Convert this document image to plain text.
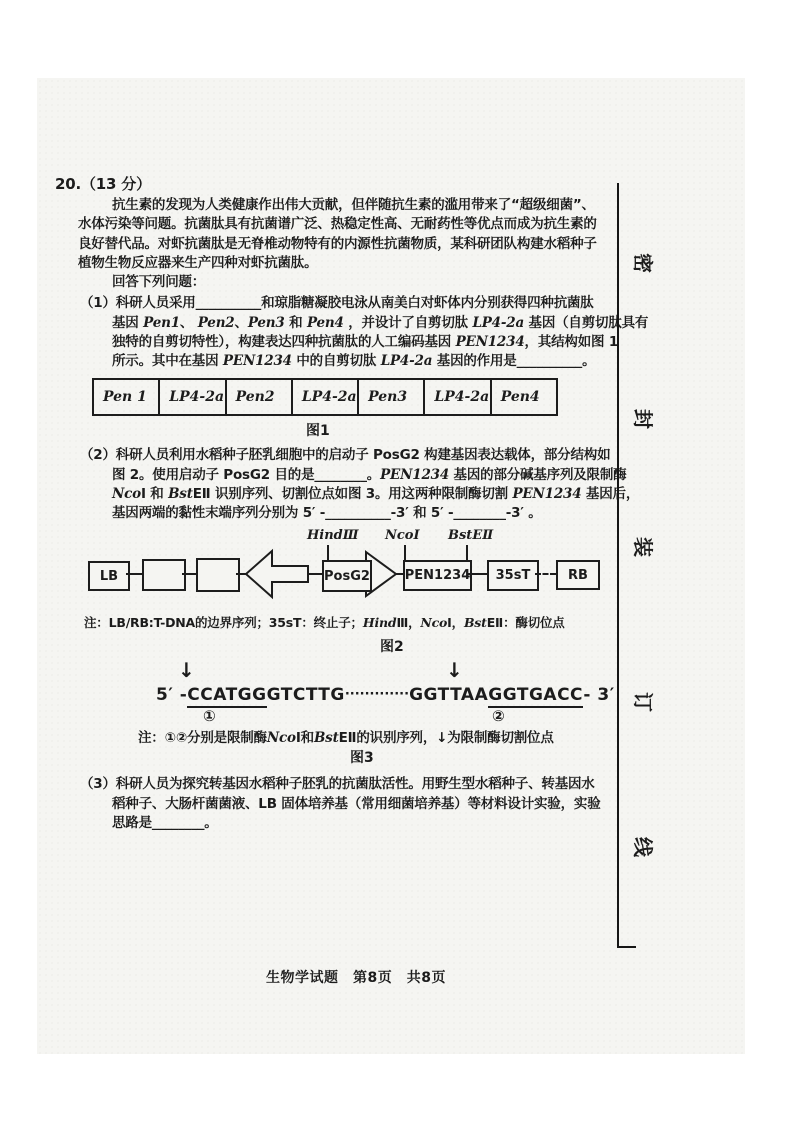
20.（13 分）
抗生素的发现为人类健康作出伟大贡献，但伴随抗生素的滥用带来了“超级细菌”、
水体污染等问题。抗菌肽具有抗菌谱广泛、热稳定性高、无耐药性等优点而成为抗生素的
良好替代品。对虾抗菌肽是无脊椎动物特有的内源性抗菌物质，某科研团队构建水稻种子
植物生物反应器来生产四种对虾抗菌肽。
回答下列问题：
（1）科研人员采用__________和琼脂糖凝胶电泳从南美白对虾体内分别获得四种抗菌肽
基因 Pen1、 Pen2、Pen3 和 Pen4 ，并设计了自剪切肽 LP4-2a 基因（自剪切肽具有
独特的自剪切特性），构建表达四种抗菌肽的人工编码基因 PEN1234，其结构如图 1
所示。其中在基因 PEN1234 中的自剪切肽 LP4-2a 基因的作用是__________。
Pen 1	LP4-2a Pen2	LP4-2a Pen3	LP4-2a Pen4
图1
（2）科研人员利用水稻种子胚乳细胞中的启动子 PosG2 构建基因表达载体，部分结构如
图 2。使用启动子 PosG2 目的是________。PEN1234 基因的部分碱基序列及限制酶
NcoI 和 BstEⅡ 识别序列、切割位点如图 3。用这两种限制酶切割 PEN1234 基因后，
基因两端的黏性末端序列分别为 5′ -__________-3′ 和 5′ -________-3′ 。
HindⅢ NcoⅠ BstEⅡ
LB	PosG2	PEN1234	35sT	RB
注：LB/RB:T-DNA的边界序列；35sT：终止子；HindⅢ，NcoⅠ，BstEⅡ：酶切位点
图2
↓	↓
5′ -CCATGGGTCTTG·············GGTTAAGGTGACC- 3′
①	②
注：①②分别是限制酶NcoI和BstEⅡ的识别序列，↓为限制酶切割位点
图3
（3）科研人员为探究转基因水稻种子胚乳的抗菌肽活性。用野生型水稻种子、转基因水
稻种子、大肠杆菌菌液、LB 固体培养基（常用细菌培养基）等材料设计实验，实验
思路是________。
密
封
装
订
线
生物学试题　第8页　共8页
